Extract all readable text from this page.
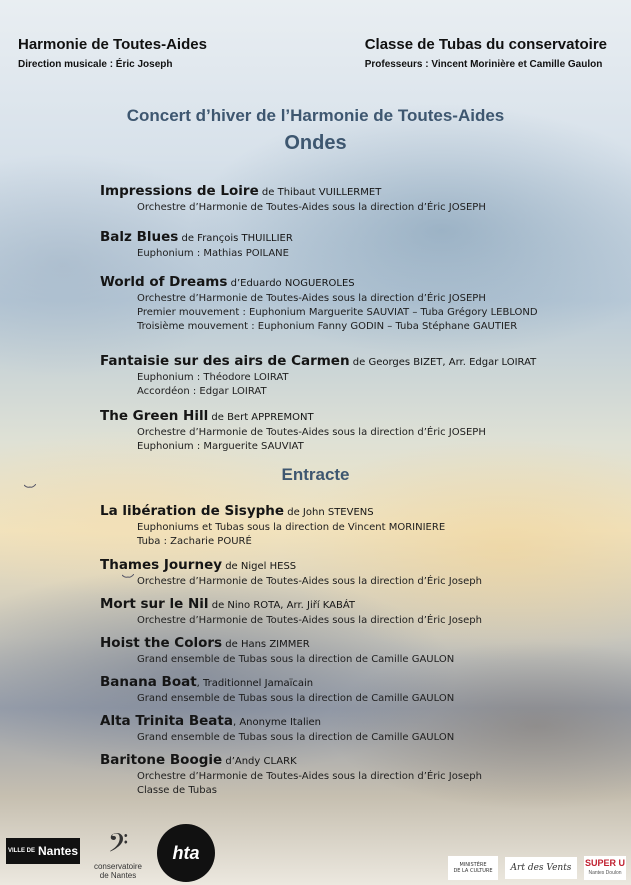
Harmonie de Toutes-Aides
Direction musicale : Éric Joseph
Classe de Tubas du conservatoire
Professeurs : Vincent Morinière et Camille Gaulon
Concert d’hiver de l’Harmonie de Toutes-Aides
Ondes
Entracte
Impressions de Loire de Thibaut VUILLERMET
Orchestre d’Harmonie de Toutes-Aides sous la direction d’Éric JOSEPH
Balz Blues de François THUILLIER
Euphonium : Mathias POILANE
World of Dreams d’Eduardo NOGUEROLES
Orchestre d’Harmonie de Toutes-Aides sous la direction d’Éric JOSEPH
Premier mouvement : Euphonium Marguerite SAUVIAT – Tuba Grégory LEBLOND
Troisième mouvement : Euphonium Fanny GODIN – Tuba Stéphane GAUTIER
Fantaisie sur des airs de Carmen de Georges BIZET, Arr. Edgar LOIRAT
Euphonium : Théodore LOIRAT
Accordéon : Edgar LOIRAT
The Green Hill de Bert APPREMONT
Orchestre d’Harmonie de Toutes-Aides sous la direction d’Éric JOSEPH
Euphonium : Marguerite SAUVIAT
La libération de Sisyphe de John STEVENS
Euphoniums et Tubas sous la direction de Vincent MORINIERE
Tuba : Zacharie POURÉ
Thames Journey de Nigel HESS
Orchestre d’Harmonie de Toutes-Aides sous la direction d’Éric Joseph
Mort sur le Nil de Nino ROTA, Arr. Jiří KABÁT
Orchestre d’Harmonie de Toutes-Aides sous la direction d’Éric Joseph
Hoist the Colors de Hans ZIMMER
Grand ensemble de Tubas sous la direction de Camille GAULON
Banana Boat, Traditionnel Jamaïcain
Grand ensemble de Tubas sous la direction de Camille GAULON
Alta Trinita Beata, Anonyme Italien
Grand ensemble de Tubas sous la direction de Camille GAULON
Baritone Boogie d’Andy CLARK
Orchestre d’Harmonie de Toutes-Aides sous la direction d’Éric Joseph
Classe de Tubas
VILLE DE Nantes 𝄢
conservatoire
de Nantes
hta
MINISTÈRE
DE LA CULTURE	Art des Vents	SUPER U
Nantes Doulon
